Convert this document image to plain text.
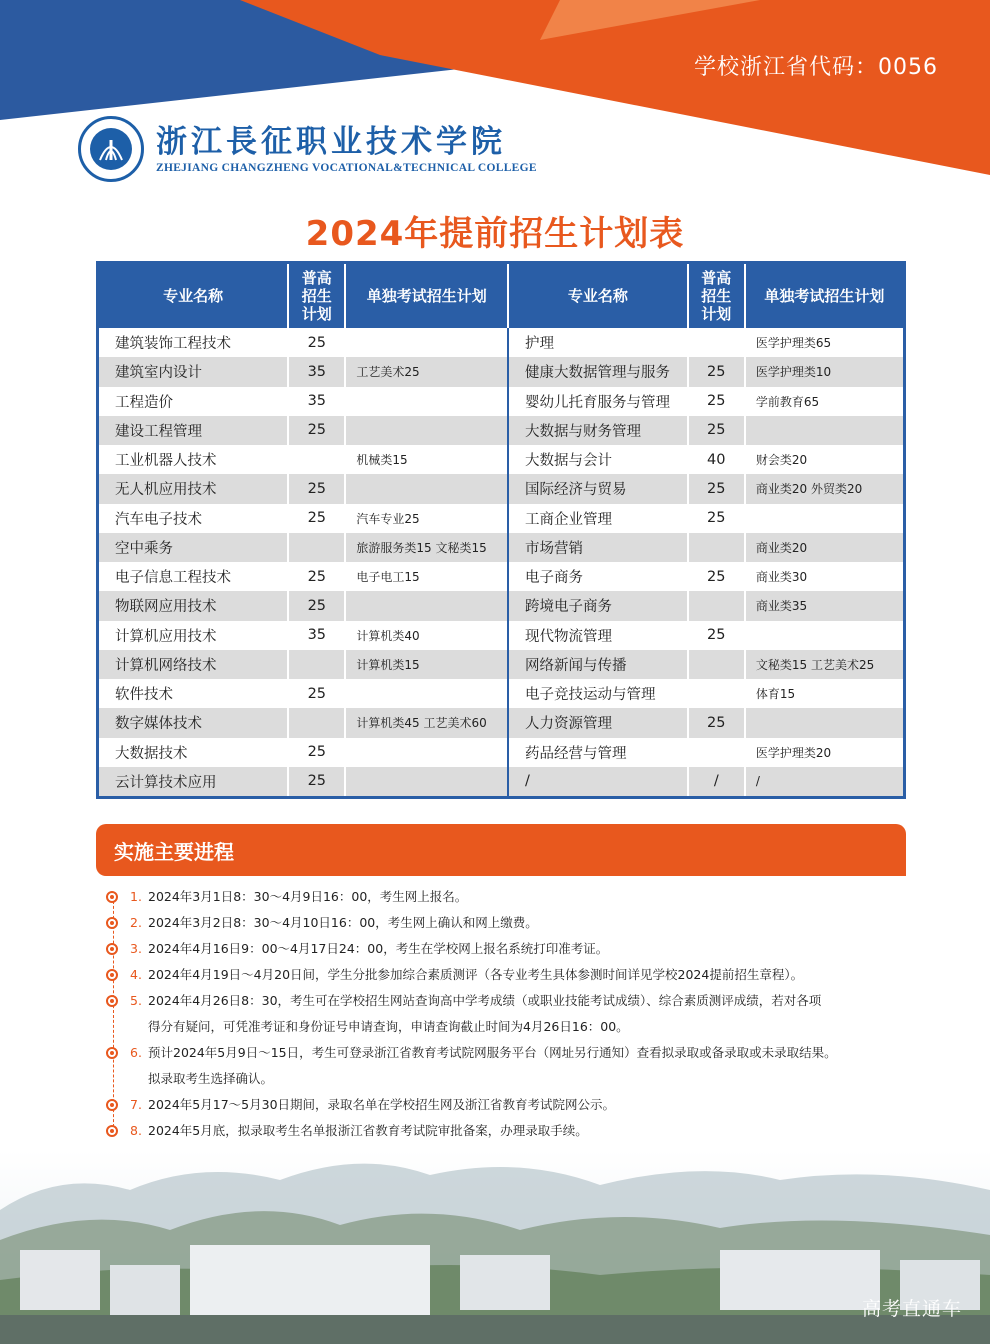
学校浙江省代码：0056
浙江長征职业技术学院
ZHEJIANG CHANGZHENG VOCATIONAL&TECHNICAL COLLEGE
2024年提前招生计划表
专业名称	普高招生计划	单独考试招生计划	专业名称	普高招生计划	单独考试招生计划
建筑装饰工程技术	25		护理		医学护理类65
建筑室内设计	35	工艺美术25	健康大数据管理与服务	25	医学护理类10
工程造价	35		婴幼儿托育服务与管理	25	学前教育65
建设工程管理	25		大数据与财务管理	25	
工业机器人技术		机械类15	大数据与会计	40	财会类20
无人机应用技术	25		国际经济与贸易	25	商业类20 外贸类20
汽车电子技术	25	汽车专业25	工商企业管理	25	
空中乘务		旅游服务类15 文秘类15	市场营销		商业类20
电子信息工程技术	25	电子电工15	电子商务	25	商业类30
物联网应用技术	25		跨境电子商务		商业类35
计算机应用技术	35	计算机类40	现代物流管理	25	
计算机网络技术		计算机类15	网络新闻与传播		文秘类15 工艺美术25
软件技术	25		电子竞技运动与管理		体育15
数字媒体技术		计算机类45 工艺美术60	人力资源管理	25	
大数据技术	25		药品经营与管理		医学护理类20
云计算技术应用	25		/	/	/
实施主要进程
1. 2024年3月1日8：30～4月9日16：00，考生网上报名。
2. 2024年3月2日8：30～4月10日16：00，考生网上确认和网上缴费。
3. 2024年4月16日9：00～4月17日24：00，考生在学校网上报名系统打印准考证。
4. 2024年4月19日～4月20日间，学生分批参加综合素质测评（各专业考生具体参测时间详见学校2024提前招生章程）。
5. 2024年4月26日8：30，考生可在学校招生网站查询高中学考成绩（或职业技能考试成绩）、综合素质测评成绩，若对各项
得分有疑问，可凭准考证和身份证号申请查询，申请查询截止时间为4月26日16：00。
6. 预计2024年5月9日～15日，考生可登录浙江省教育考试院网服务平台（网址另行通知）查看拟录取或备录取或未录取结果。
拟录取考生选择确认。
7. 2024年5月17～5月30日期间，录取名单在学校招生网及浙江省教育考试院网公示。
8. 2024年5月底，拟录取考生名单报浙江省教育考试院审批备案，办理录取手续。
高考直通车
